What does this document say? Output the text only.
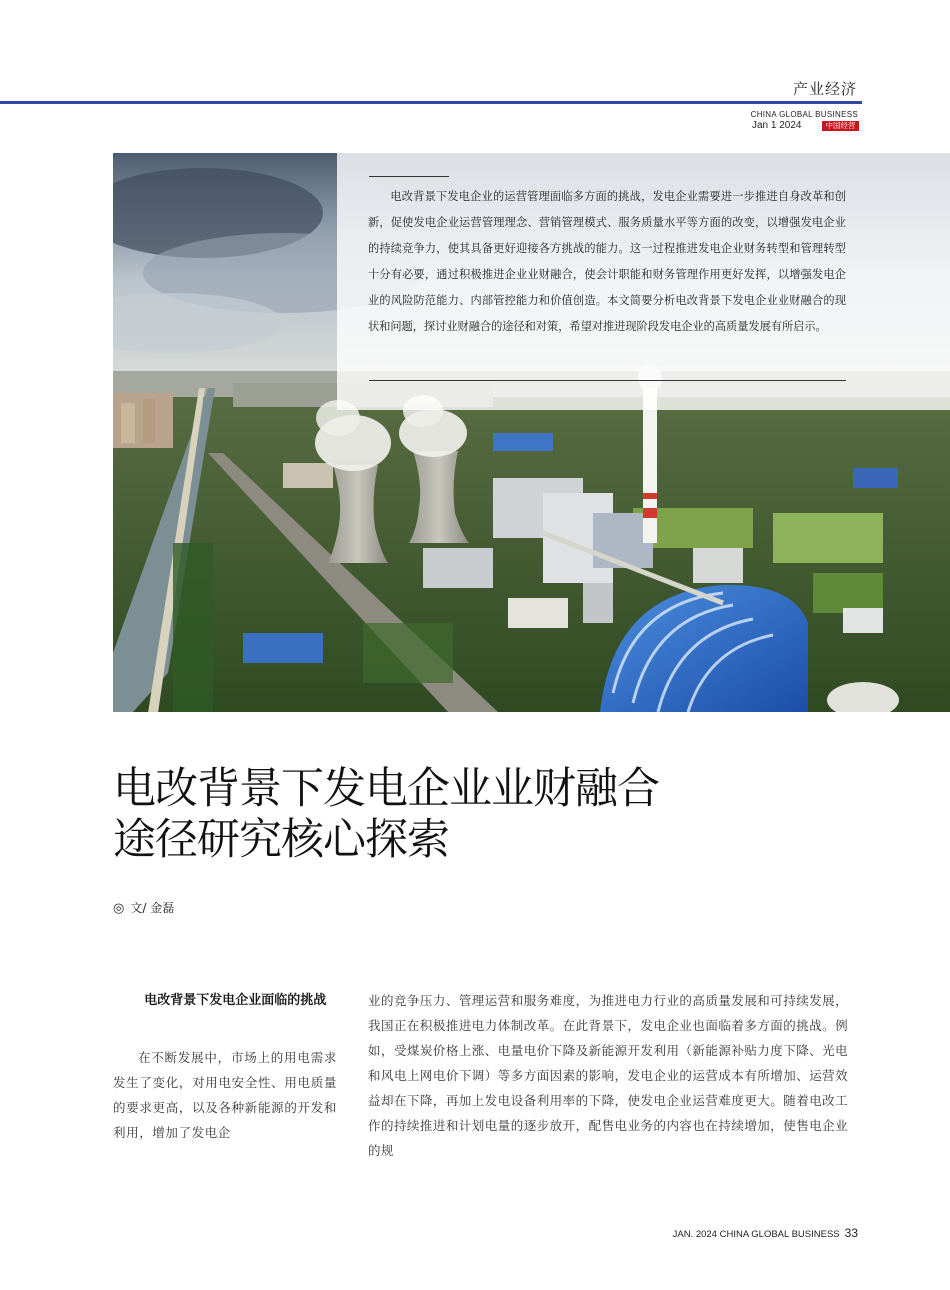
产业经济
CHINA GLOBAL BUSINESS
Jan 1 2024	中国经营

电改背景下发电企业的运营管理面临多方面的挑战，发电企业需要进一步推进自身改革和创新，促使发电企业运营管理理念、营销管理模式、服务质量水平等方面的改变，以增强发电企业的持续竞争力，使其具备更好迎接各方挑战的能力。这一过程推进发电企业财务转型和管理转型十分有必要，通过积极推进企业业财融合，使会计职能和财务管理作用更好发挥，以增强发电企业的风险防范能力、内部管控能力和价值创造。本文简要分析电改背景下发电企业业财融合的现状和问题，探讨业财融合的途径和对策，希望对推进现阶段发电企业的高质量发展有所启示。

电改背景下发电企业业财融合
途径研究核心探索
◎ 文/ 金磊
电改背景下发电企业面临的挑战

在不断发展中，市场上的用电需求发生了变化，对用电安全性、用电质量的要求更高，以及各种新能源的开发和利用，增加了发电企

业的竞争压力、管理运营和服务难度，为推进电力行业的高质量发展和可持续发展，我国正在积极推进电力体制改革。在此背景下，发电企业也面临着多方面的挑战。例如，受煤炭价格上涨、电量电价下降及新能源开发利用（新能源补贴力度下降、光电和风电上网电价下调）等多方面因素的影响，发电企业的运营成本有所增加、运营效益却在下降，再加上发电设备利用率的下降，使发电企业运营难度更大。随着电改工作的持续推进和计划电量的逐步放开，配售电业务的内容也在持续增加，使售电企业的规

JAN. 2024 CHINA GLOBAL BUSINESS 33
